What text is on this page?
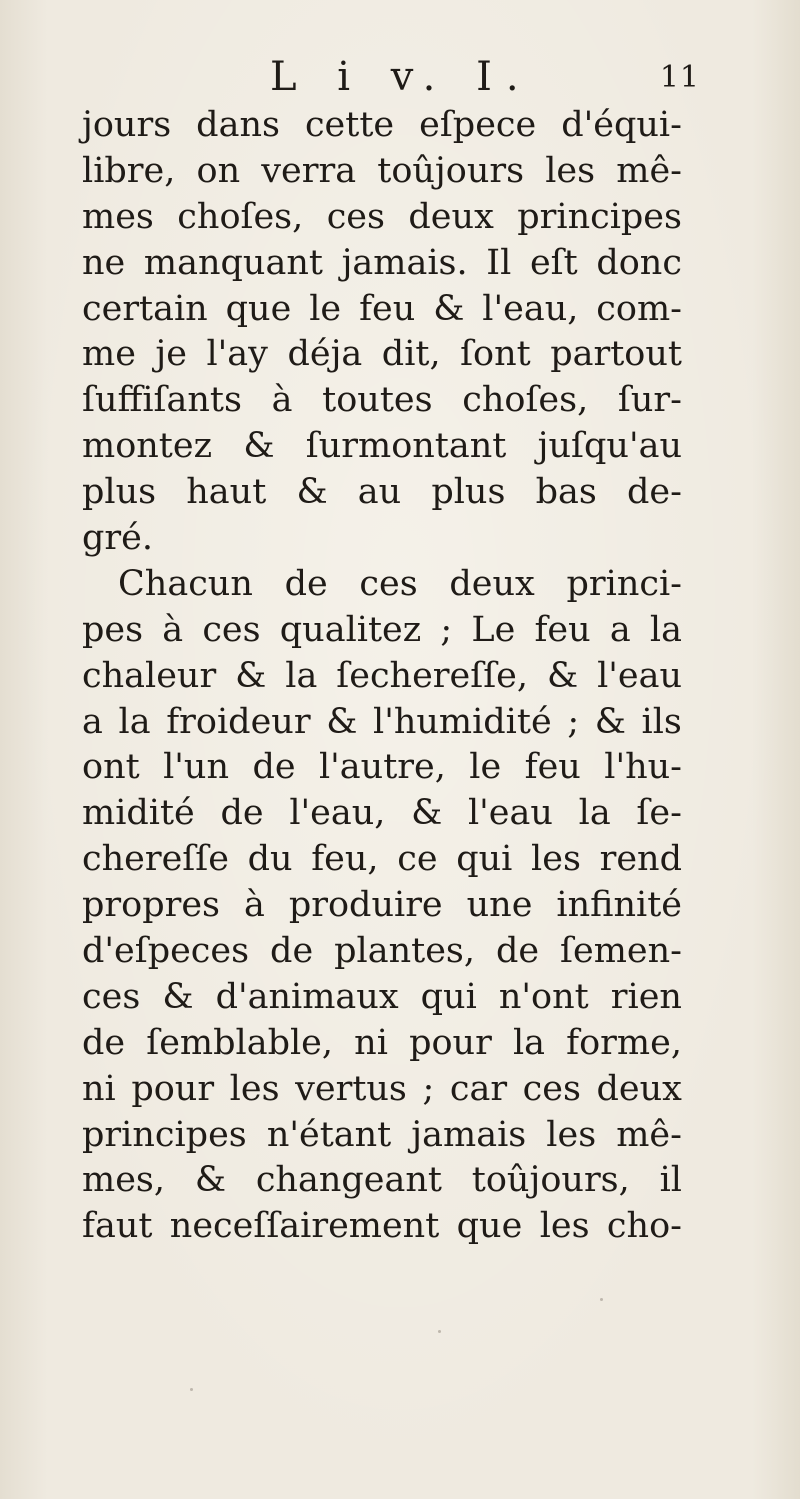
L i v. I.	11
jours dans cette eſpece d'équi-
libre, on verra toûjours les mê-
mes choſes, ces deux principes
ne manquant jamais. Il eſt donc
certain que le feu & l'eau, com-
me je l'ay déja dit, ſont partout
ſuffiſants à toutes choſes, ſur-
montez & ſurmontant juſqu'au
plus haut & au plus bas de-
gré.
Chacun de ces deux princi-
pes à ces qualitez ; Le feu a la
chaleur & la ſechereſſe, & l'eau
a la froideur & l'humidité ; & ils
ont l'un de l'autre, le feu l'hu-
midité de l'eau, & l'eau la ſe-
chereſſe du feu, ce qui les rend
propres à produire une infinité
d'eſpeces de plantes, de ſemen-
ces & d'animaux qui n'ont rien
de ſemblable, ni pour la forme,
ni pour les vertus ; car ces deux
principes n'étant jamais les mê-
mes, & changeant toûjours, il
faut neceſſairement que les cho-
